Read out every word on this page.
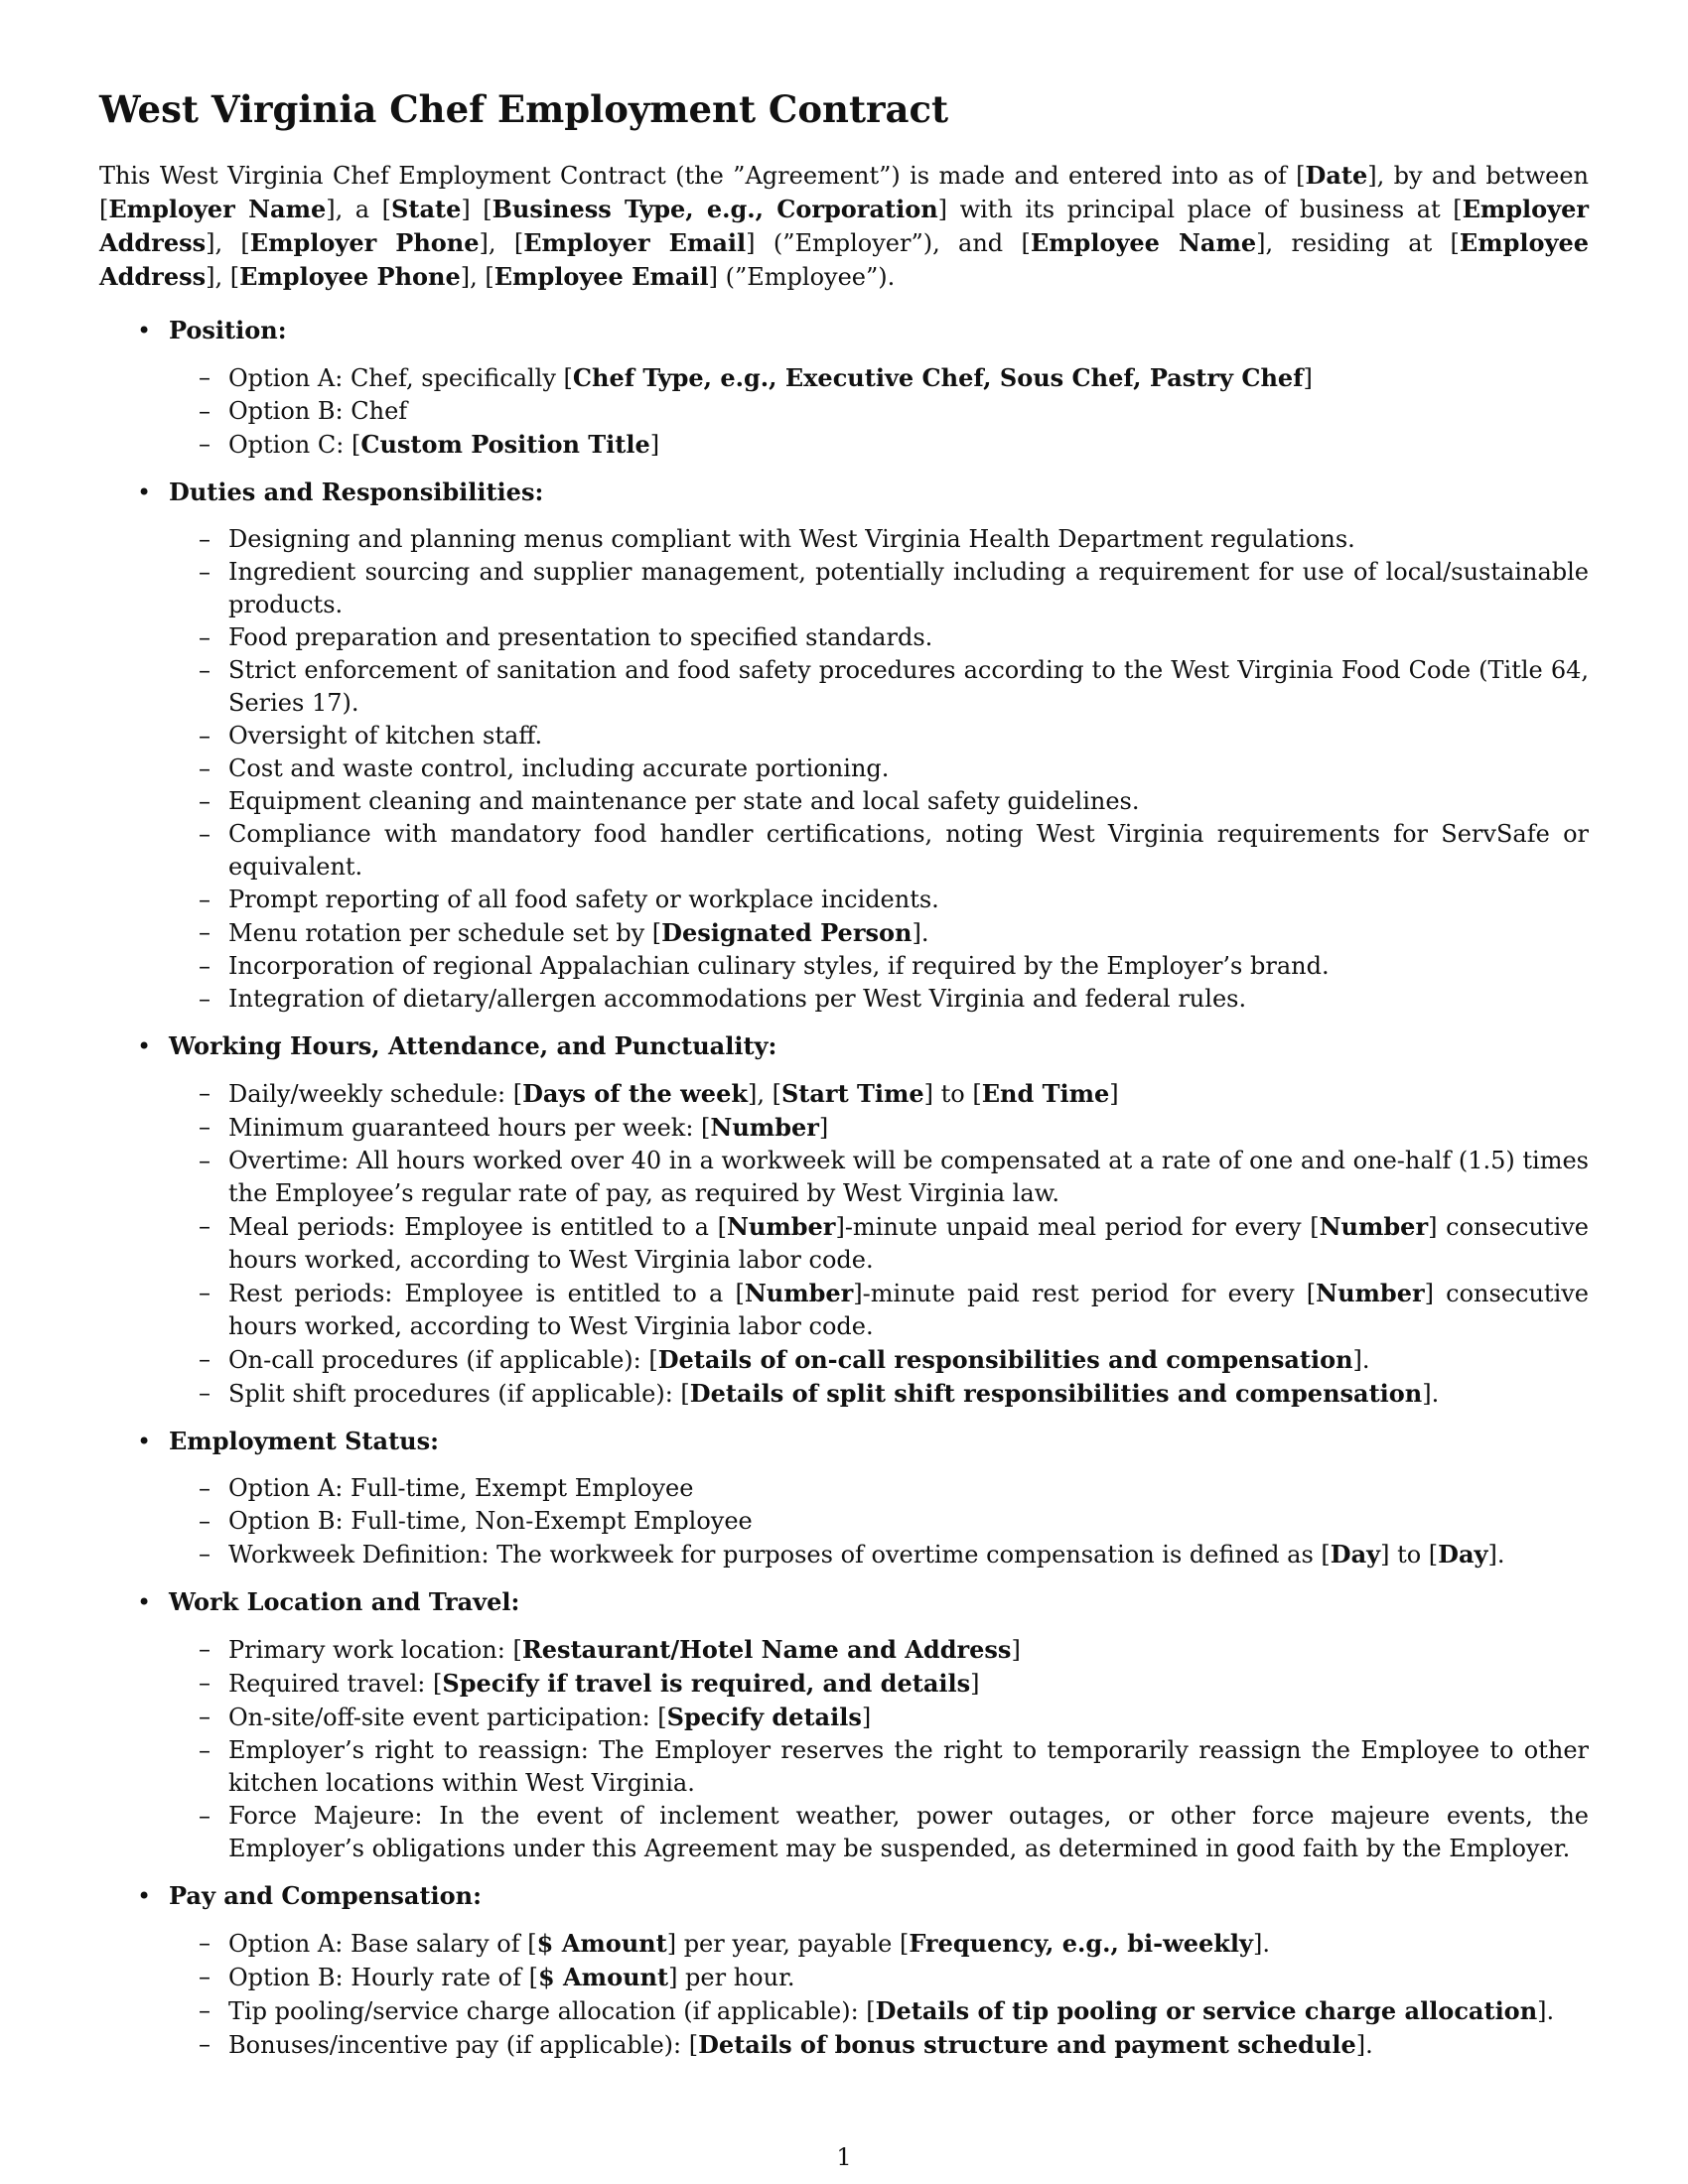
West Virginia Chef Employment Contract

This West Virginia Chef Employment Contract (the ”Agreement”) is made and entered into as of [Date], by and between [Employer Name], a [State] [Business Type, e.g., Corporation] with its principal place of business at [Employer Address], [Employer Phone], [Employer Email] (”Employer”), and [Employee Name], residing at [Employee Address], [Employee Phone], [Employee Email] (”Employee”).

• Position:
– Option A: Chef, specifically [Chef Type, e.g., Executive Chef, Sous Chef, Pastry Chef]
– Option B: Chef
– Option C: [Custom Position Title]
• Duties and Responsibilities:
– Designing and planning menus compliant with West Virginia Health Department regulations.
– Ingredient sourcing and supplier management, potentially including a requirement for use of local/sustainable products.
– Food preparation and presentation to specified standards.
– Strict enforcement of sanitation and food safety procedures according to the West Virginia Food Code (Title 64, Series 17).
– Oversight of kitchen staff.
– Cost and waste control, including accurate portioning.
– Equipment cleaning and maintenance per state and local safety guidelines.
– Compliance with mandatory food handler certifications, noting West Virginia requirements for ServSafe or equivalent.
– Prompt reporting of all food safety or workplace incidents.
– Menu rotation per schedule set by [Designated Person].
– Incorporation of regional Appalachian culinary styles, if required by the Employer’s brand.
– Integration of dietary/allergen accommodations per West Virginia and federal rules.
• Working Hours, Attendance, and Punctuality:
– Daily/weekly schedule: [Days of the week], [Start Time] to [End Time]
– Minimum guaranteed hours per week: [Number]
– Overtime: All hours worked over 40 in a workweek will be compensated at a rate of one and one-half (1.5) times the Employee’s regular rate of pay, as required by West Virginia law.
– Meal periods: Employee is entitled to a [Number]-minute unpaid meal period for every [Number] consecutive hours worked, according to West Virginia labor code.
– Rest periods: Employee is entitled to a [Number]-minute paid rest period for every [Number] consecutive hours worked, according to West Virginia labor code.
– On-call procedures (if applicable): [Details of on-call responsibilities and compensation].
– Split shift procedures (if applicable): [Details of split shift responsibilities and compensation].
• Employment Status:
– Option A: Full-time, Exempt Employee
– Option B: Full-time, Non-Exempt Employee
– Workweek Definition: The workweek for purposes of overtime compensation is defined as [Day] to [Day].
• Work Location and Travel:
– Primary work location: [Restaurant/Hotel Name and Address]
– Required travel: [Specify if travel is required, and details]
– On-site/off-site event participation: [Specify details]
– Employer’s right to reassign: The Employer reserves the right to temporarily reassign the Employee to other kitchen locations within West Virginia.
– Force Majeure: In the event of inclement weather, power outages, or other force majeure events, the Employer’s obligations under this Agreement may be suspended, as determined in good faith by the Employer.
• Pay and Compensation:
– Option A: Base salary of [$ Amount] per year, payable [Frequency, e.g., bi-weekly].
– Option B: Hourly rate of [$ Amount] per hour.
– Tip pooling/service charge allocation (if applicable): [Details of tip pooling or service charge allocation].
– Bonuses/incentive pay (if applicable): [Details of bonus structure and payment schedule].
1
